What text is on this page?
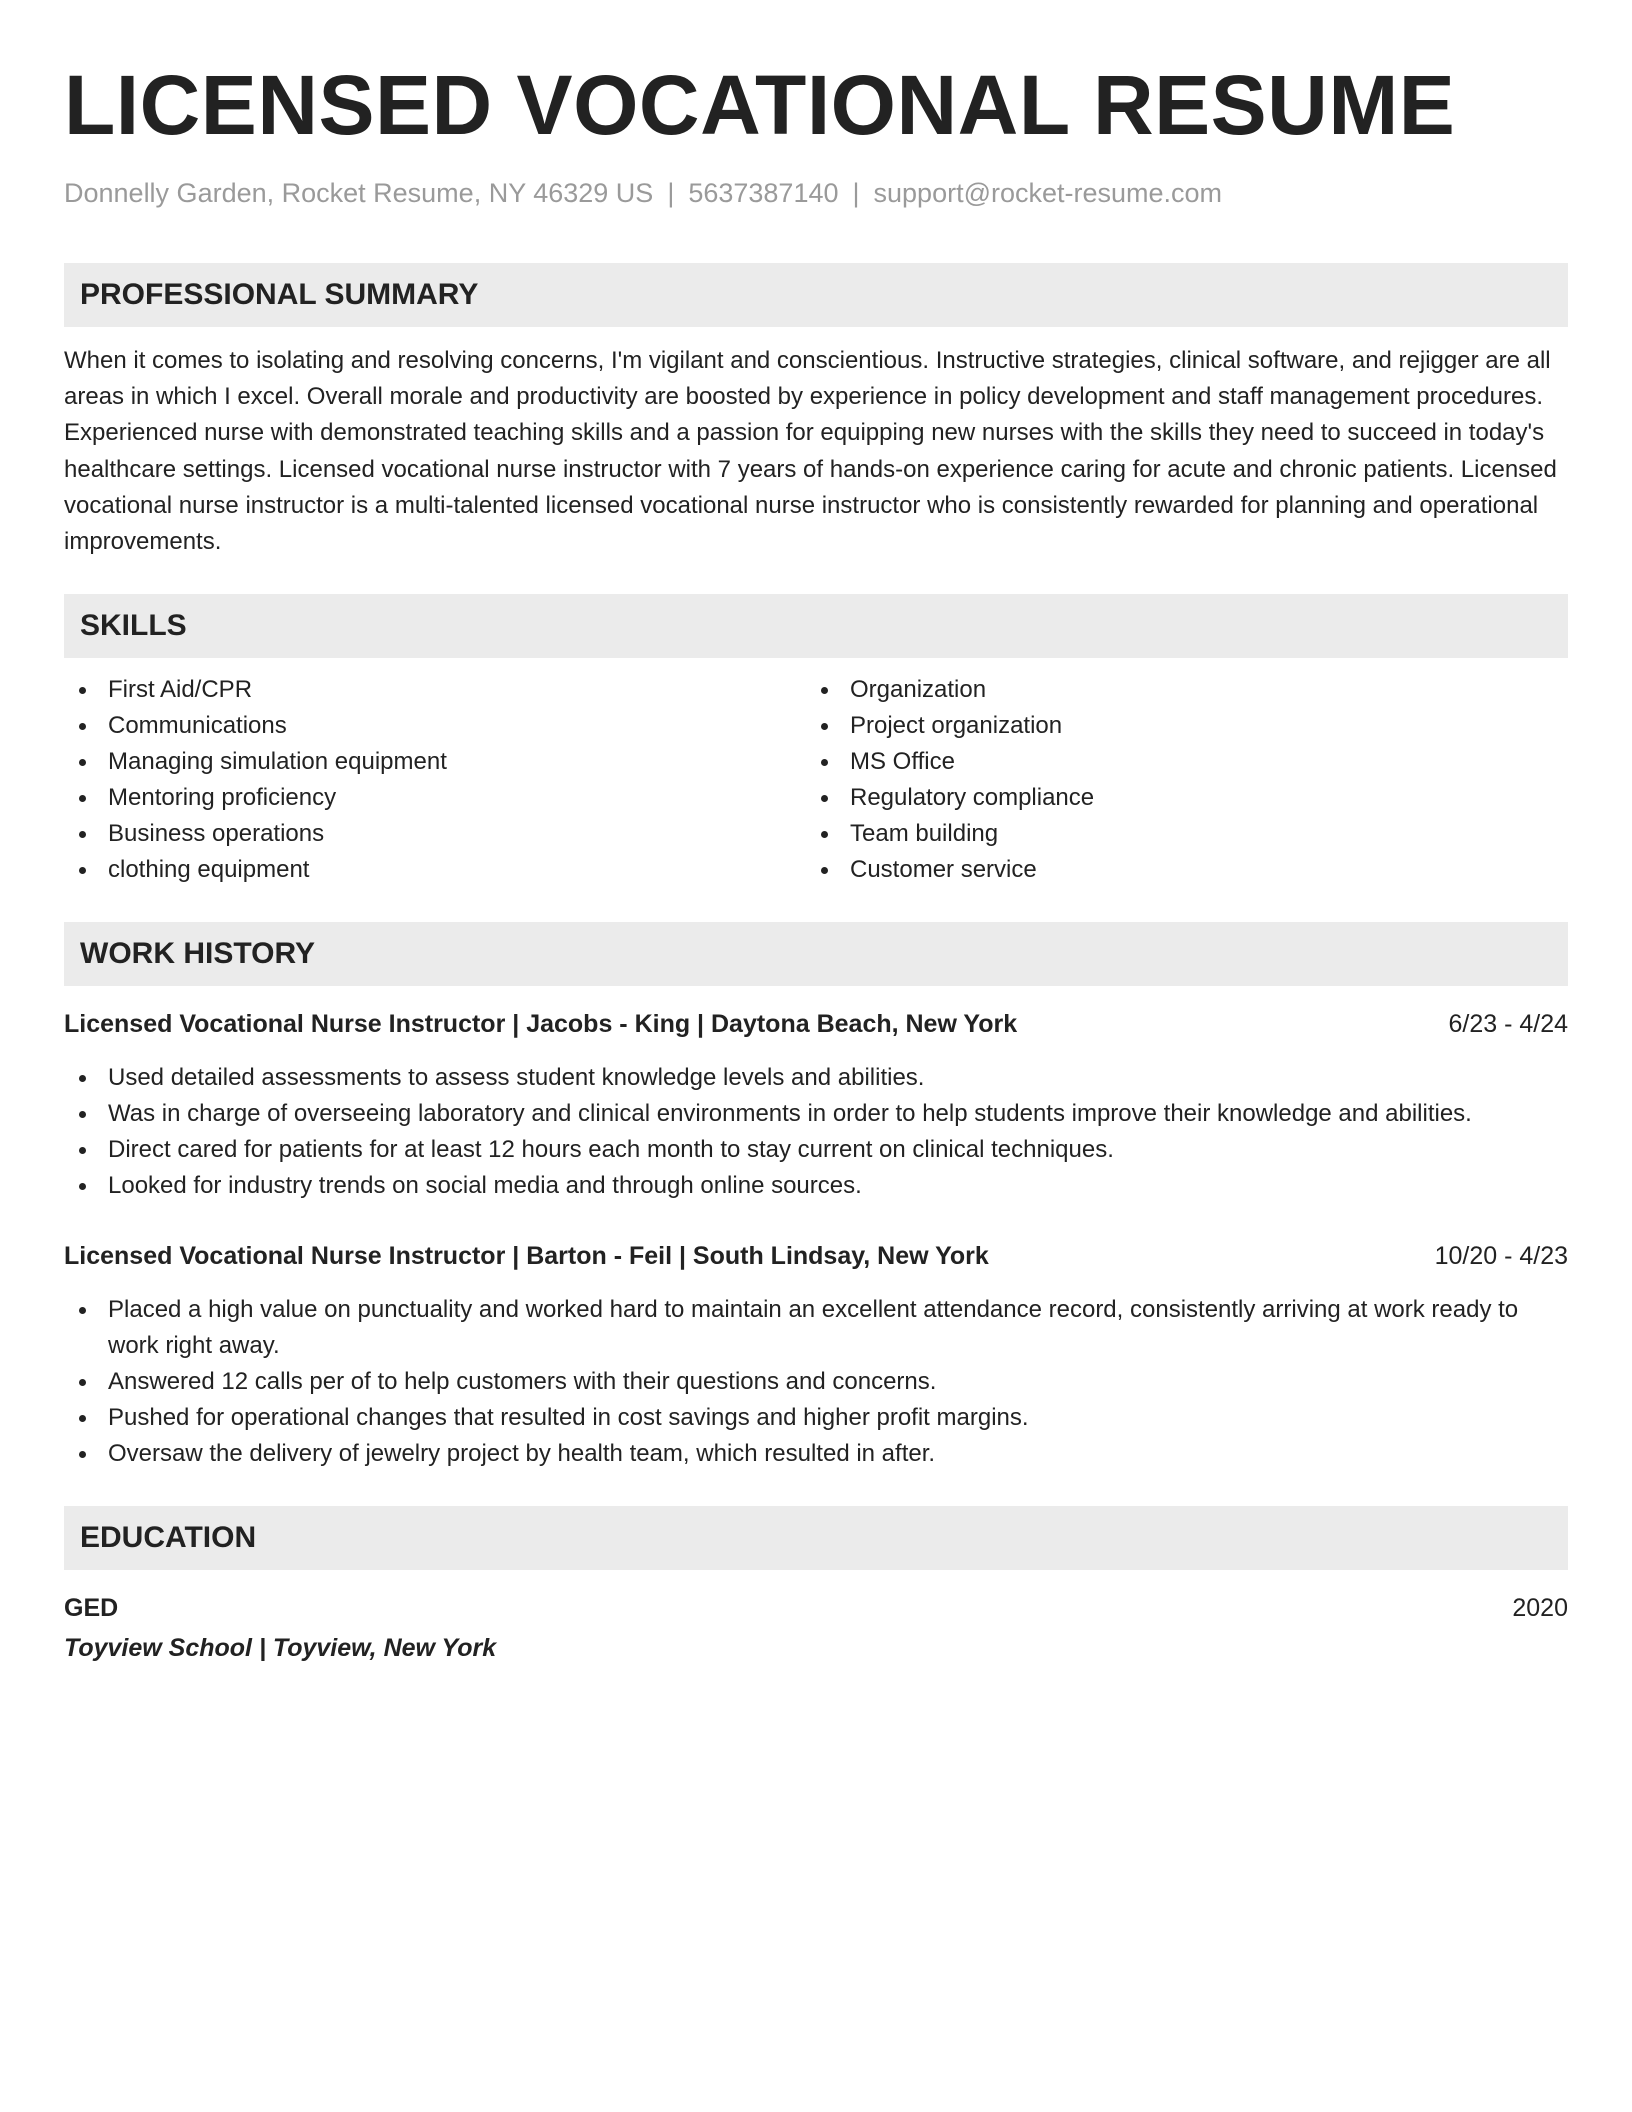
LICENSED VOCATIONAL RESUME
Donnelly Garden, Rocket Resume, NY 46329 US | 5637387140 | support@rocket-resume.com
PROFESSIONAL SUMMARY
When it comes to isolating and resolving concerns, I'm vigilant and conscientious. Instructive strategies, clinical software, and rejigger are all areas in which I excel. Overall morale and productivity are boosted by experience in policy development and staff management procedures. Experienced nurse with demonstrated teaching skills and a passion for equipping new nurses with the skills they need to succeed in today's healthcare settings. Licensed vocational nurse instructor with 7 years of hands-on experience caring for acute and chronic patients. Licensed vocational nurse instructor is a multi-talented licensed vocational nurse instructor who is consistently rewarded for planning and operational improvements.
SKILLS
First Aid/CPR
Communications
Managing simulation equipment
Mentoring proficiency
Business operations
clothing equipment
Organization
Project organization
MS Office
Regulatory compliance
Team building
Customer service
WORK HISTORY
Licensed Vocational Nurse Instructor | Jacobs - King | Daytona Beach, New York	6/23 - 4/24
Used detailed assessments to assess student knowledge levels and abilities.
Was in charge of overseeing laboratory and clinical environments in order to help students improve their knowledge and abilities.
Direct cared for patients for at least 12 hours each month to stay current on clinical techniques.
Looked for industry trends on social media and through online sources.
Licensed Vocational Nurse Instructor | Barton - Feil | South Lindsay, New York	10/20 - 4/23
Placed a high value on punctuality and worked hard to maintain an excellent attendance record, consistently arriving at work ready to work right away.
Answered 12 calls per of to help customers with their questions and concerns.
Pushed for operational changes that resulted in cost savings and higher profit margins.
Oversaw the delivery of jewelry project by health team, which resulted in after.
EDUCATION
GED	2020
Toyview School | Toyview, New York
